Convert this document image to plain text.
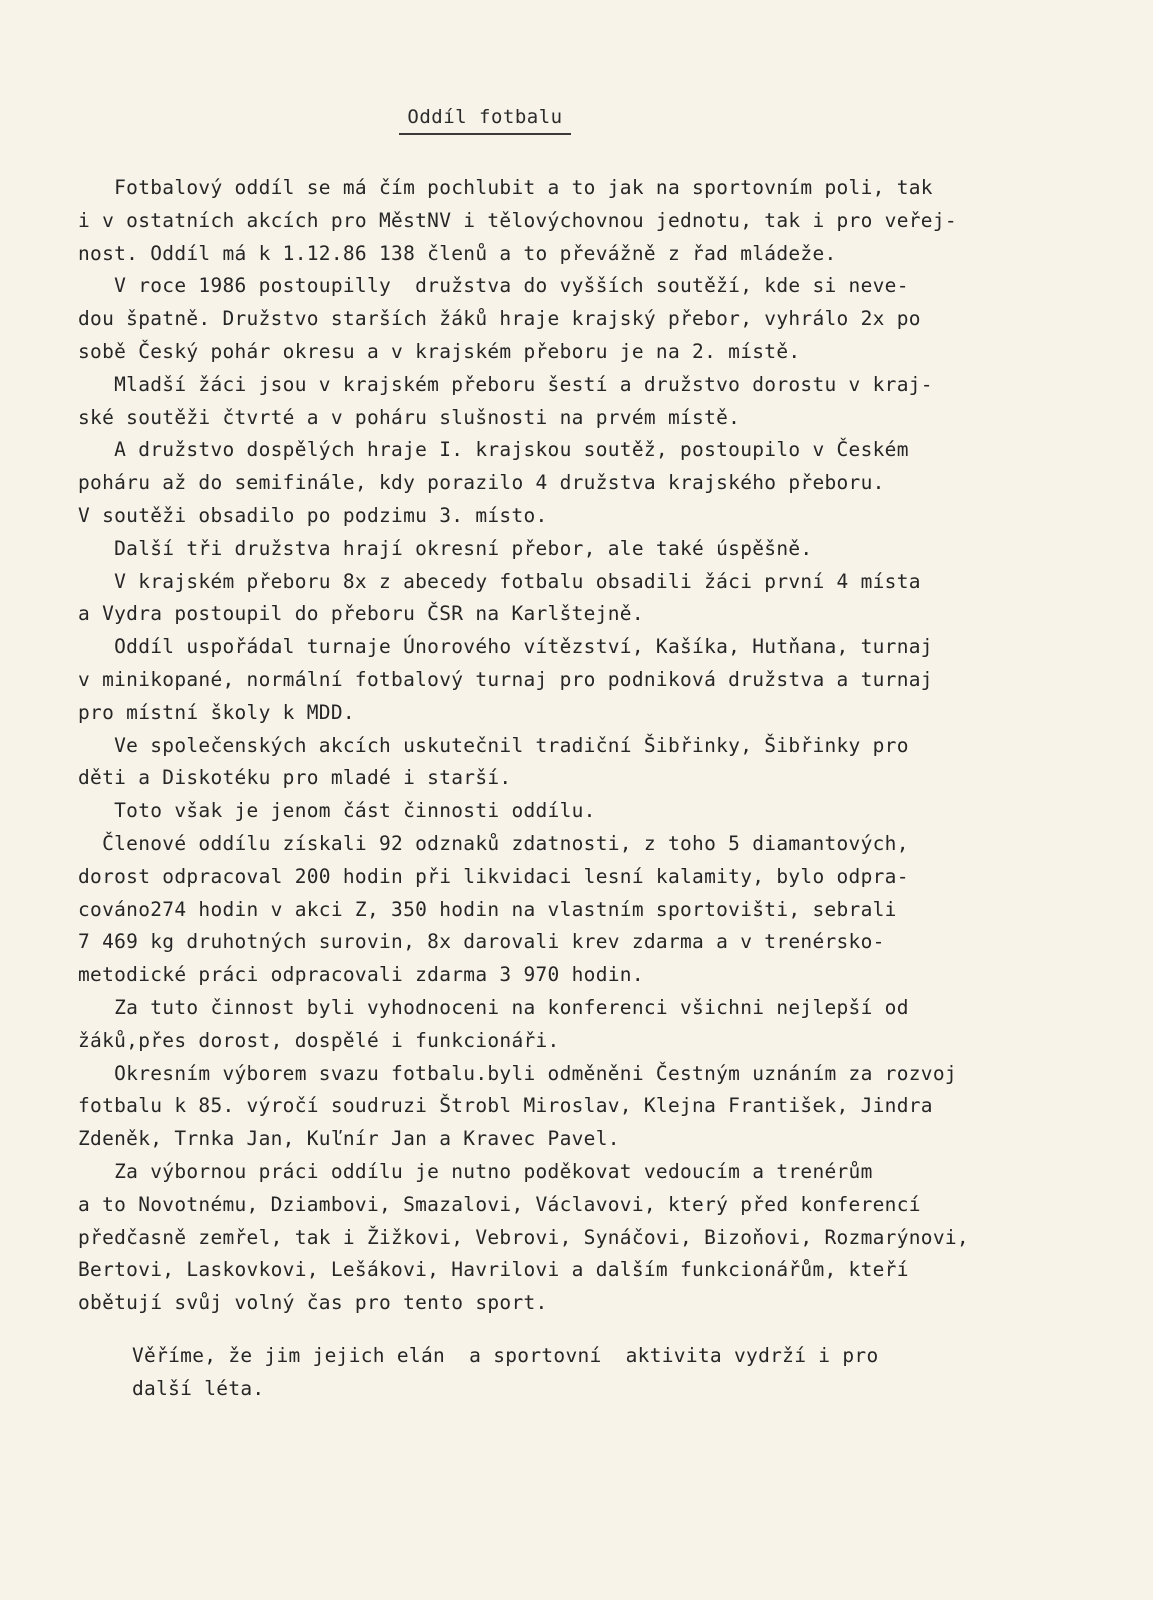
Oddíl fotbalu
Fotbalový oddíl se má čím pochlubit a to jak na sportovním poli, tak
i v ostatních akcích pro MěstNV i tělovýchovnou jednotu, tak i pro veřej-
nost. Oddíl má k 1.12.86 138 členů a to převážně z řad mládeže.
V roce 1986 postoupilly  družstva do vyšších soutěží, kde si neve-
dou špatně. Družstvo starších žáků hraje krajský přebor, vyhrálo 2x po
sobě Český pohár okresu a v krajském přeboru je na 2. místě.
Mladší žáci jsou v krajském přeboru šestí a družstvo dorostu v kraj-
ské soutěži čtvrté a v poháru slušnosti na prvém místě.
A družstvo dospělých hraje I. krajskou soutěž, postoupilo v Českém
poháru až do semifinále, kdy porazilo 4 družstva krajského přeboru.
V soutěži obsadilo po podzimu 3. místo.
Další tři družstva hrají okresní přebor, ale také úspěšně.
V krajském přeboru 8x z abecedy fotbalu obsadili žáci první 4 místa
a Vydra postoupil do přeboru ČSR na Karlštejně.
Oddíl uspořádal turnaje Únorového vítězství, Kašíka, Hutňana, turnaj
v minikopané, normální fotbalový turnaj pro podniková družstva a turnaj
pro místní školy k MDD.
Ve společenských akcích uskutečnil tradiční Šibřinky, Šibřinky pro
děti a Diskotéku pro mladé i starší.
Toto však je jenom část činnosti oddílu.
Členové oddílu získali 92 odznaků zdatnosti, z toho 5 diamantových,
dorost odpracoval 200 hodin při likvidaci lesní kalamity, bylo odpra-
cováno274 hodin v akci Z, 350 hodin na vlastním sportovišti, sebrali
7 469 kg druhotných surovin, 8x darovali krev zdarma a v trenérsko-
metodické práci odpracovali zdarma 3 970 hodin.
Za tuto činnost byli vyhodnoceni na konferenci všichni nejlepší od
žáků,přes dorost, dospělé i funkcionáři.
Okresním výborem svazu fotbalu.byli odměněni Čestným uznáním za rozvoj
fotbalu k 85. výročí soudruzi Štrobl Miroslav, Klejna František, Jindra
Zdeněk, Trnka Jan, Kuľnír Jan a Kravec Pavel.
Za výbornou práci oddílu je nutno poděkovat vedoucím a trenérům
a to Novotnému, Dziambovi, Smazalovi, Václavovi, který před konferencí
předčasně zemřel, tak i Žižkovi, Vebrovi, Synáčovi, Bizoňovi, Rozmarýnovi,
Bertovi, Laskovkovi, Lešákovi, Havrilovi a dalším funkcionářům, kteří
obětují svůj volný čas pro tento sport.
Věříme, že jim jejich elán  a sportovní  aktivita vydrží i pro
další léta.
